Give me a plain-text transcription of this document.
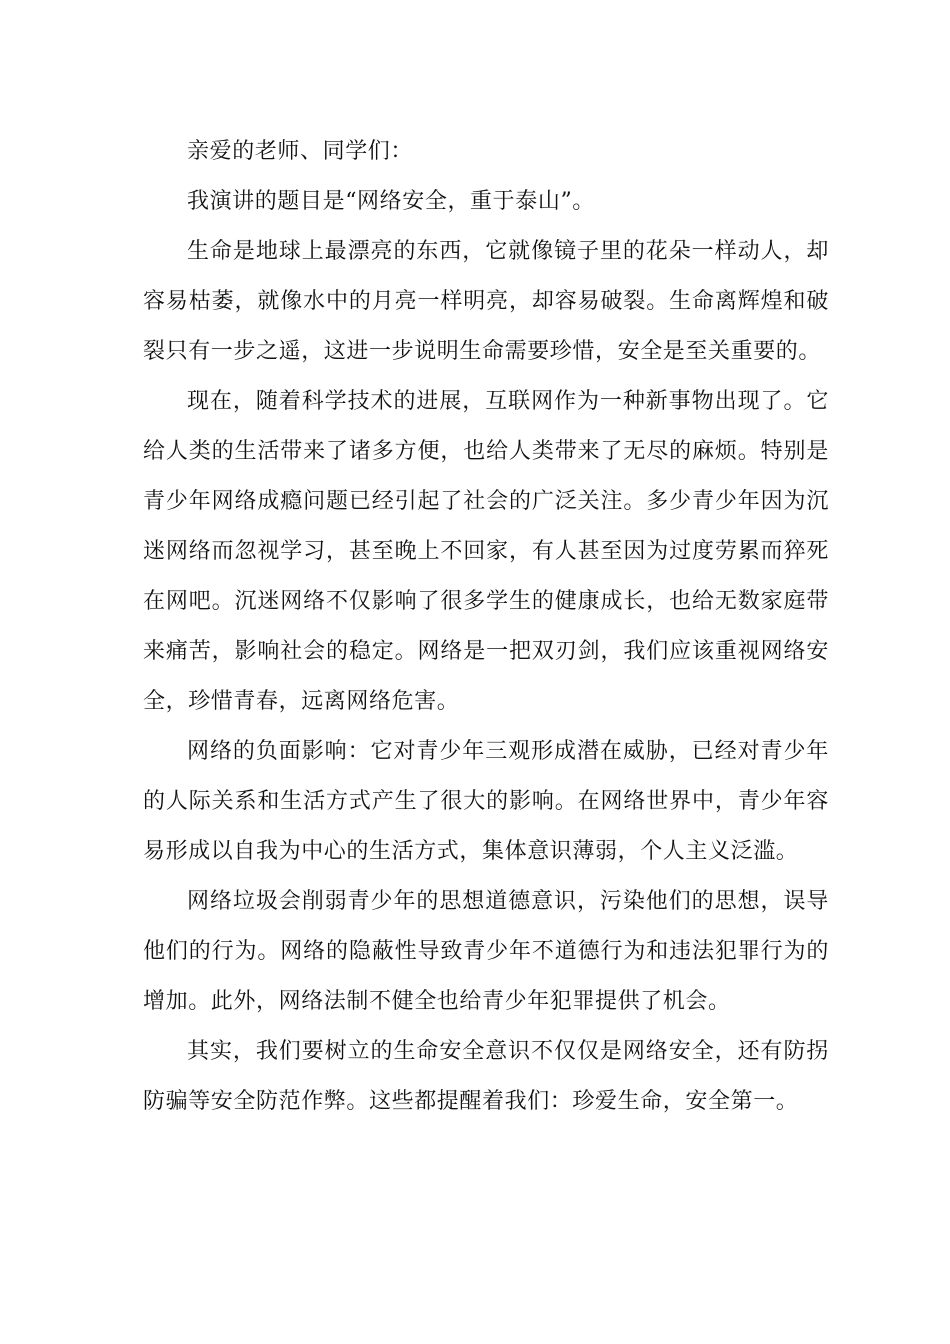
亲爱的老师、同学们：

我演讲的题目是“网络安全，重于泰山”。

生命是地球上最漂亮的东西，它就像镜子里的花朵一样动人，却容易枯萎，就像水中的月亮一样明亮，却容易破裂。生命离辉煌和破裂只有一步之遥，这进一步说明生命需要珍惜，安全是至关重要的。

现在，随着科学技术的进展，互联网作为一种新事物出现了。它给人类的生活带来了诸多方便，也给人类带来了无尽的麻烦。特别是青少年网络成瘾问题已经引起了社会的广泛关注。多少青少年因为沉迷网络而忽视学习，甚至晚上不回家，有人甚至因为过度劳累而猝死在网吧。沉迷网络不仅影响了很多学生的健康成长，也给无数家庭带来痛苦，影响社会的稳定。网络是一把双刃剑，我们应该重视网络安全，珍惜青春，远离网络危害。

网络的负面影响：它对青少年三观形成潜在威胁，已经对青少年的人际关系和生活方式产生了很大的影响。在网络世界中，青少年容易形成以自我为中心的生活方式，集体意识薄弱，个人主义泛滥。

网络垃圾会削弱青少年的思想道德意识，污染他们的思想，误导他们的行为。网络的隐蔽性导致青少年不道德行为和违法犯罪行为的增加。此外，网络法制不健全也给青少年犯罪提供了机会。

其实，我们要树立的生命安全意识不仅仅是网络安全，还有防拐防骗等安全防范作弊。这些都提醒着我们：珍爱生命，安全第一。
